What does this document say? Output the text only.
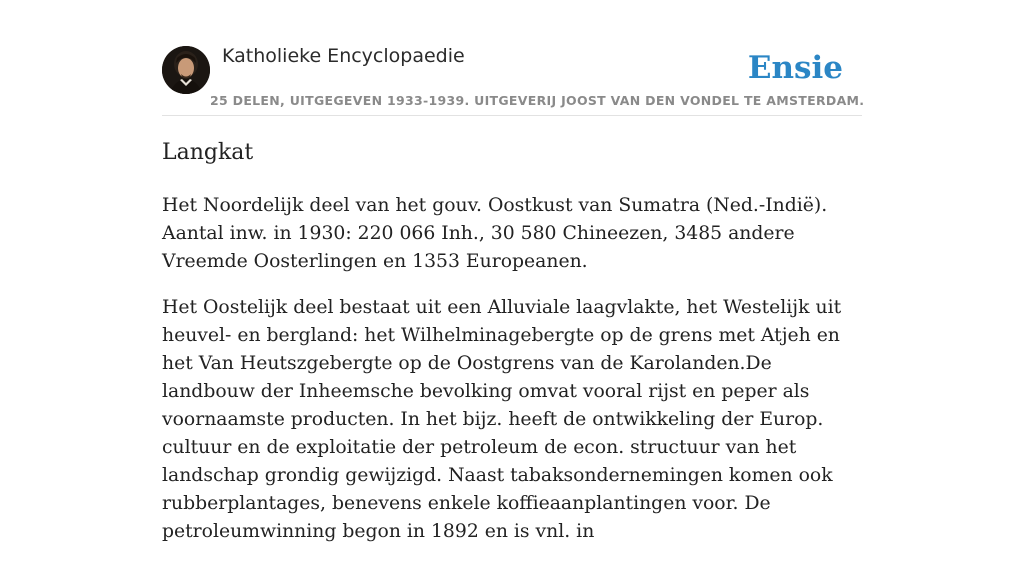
Katholieke Encyclopaedie	Ensie
25 DELEN, UITGEGEVEN 1933-1939. UITGEVERIJ JOOST VAN DEN VONDEL TE AMSTERDAM.
Langkat

Het Noordelijk deel van het gouv. Oostkust van Sumatra (Ned.-Indië). Aantal inw. in 1930: 220 066 Inh., 30 580 Chineezen, 3485 andere Vreemde Oosterlingen en 1353 Europeanen.

Het Oostelijk deel bestaat uit een Alluviale laagvlakte, het Westelijk uit heuvel- en bergland: het Wilhelminagebergte op de grens met Atjeh en het Van Heutszgebergte op de Oostgrens van de Karolanden.De landbouw der Inheemsche bevolking omvat vooral rijst en peper als voornaamste producten. In het bijz. heeft de ontwikkeling der Europ. cultuur en de exploitatie der petroleum de econ. structuur van het landschap grondig gewijzigd. Naast tabaksondernemingen komen ook rubberplantages, benevens enkele koffieaanplantingen voor. De petroleumwinning begon in 1892 en is vnl. in
